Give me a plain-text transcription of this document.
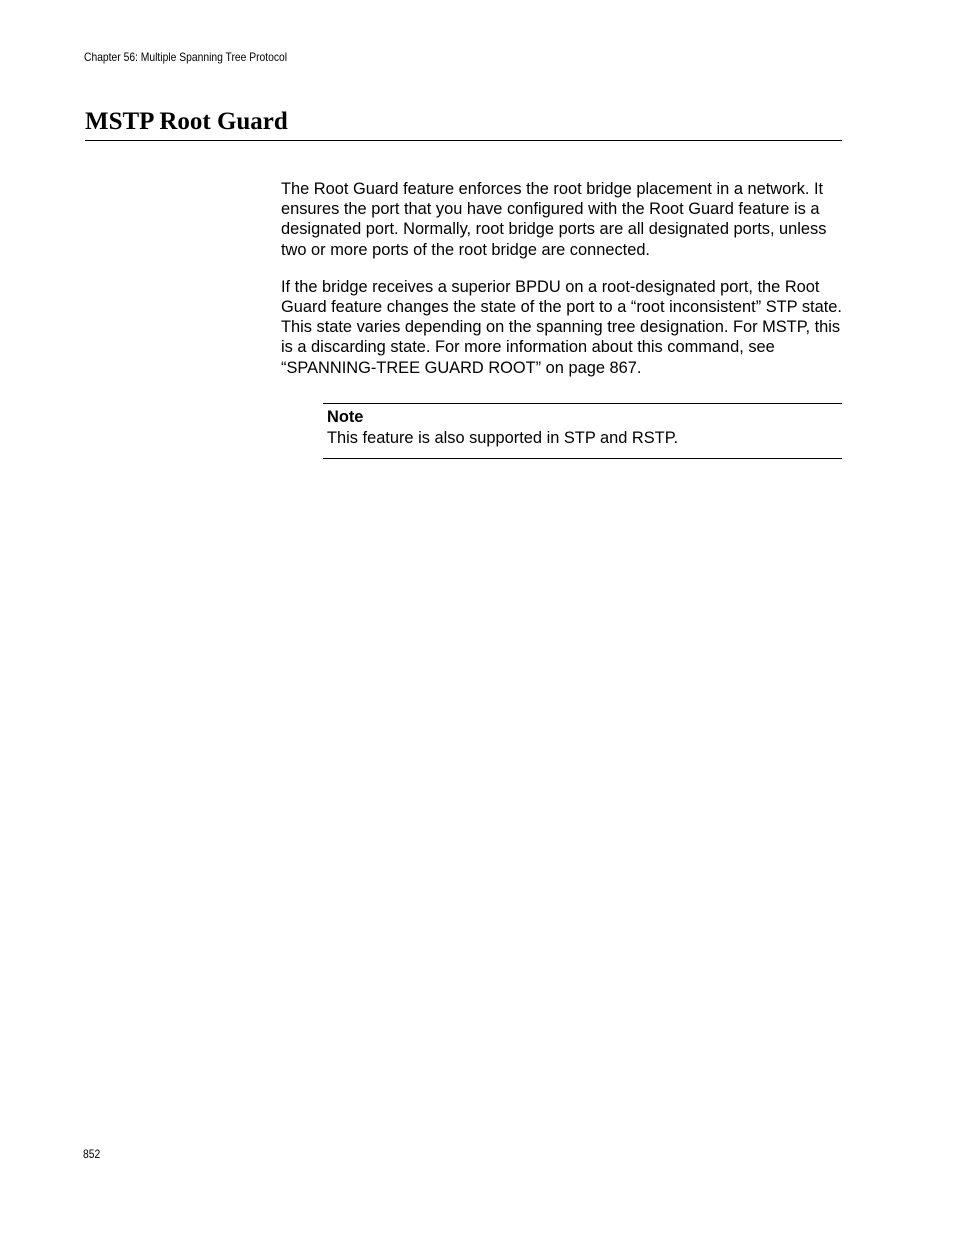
Chapter 56: Multiple Spanning Tree Protocol
MSTP Root Guard

The Root Guard feature enforces the root bridge placement in a network. It ensures the port that you have configured with the Root Guard feature is a designated port. Normally, root bridge ports are all designated ports, unless two or more ports of the root bridge are connected.

If the bridge receives a superior BPDU on a root-designated port, the Root Guard feature changes the state of the port to a “root inconsistent” STP state. This state varies depending on the spanning tree designation. For MSTP, this is a discarding state. For more information about this command, see “SPANNING-TREE GUARD ROOT” on page 867.

Note
This feature is also supported in STP and RSTP.
852
